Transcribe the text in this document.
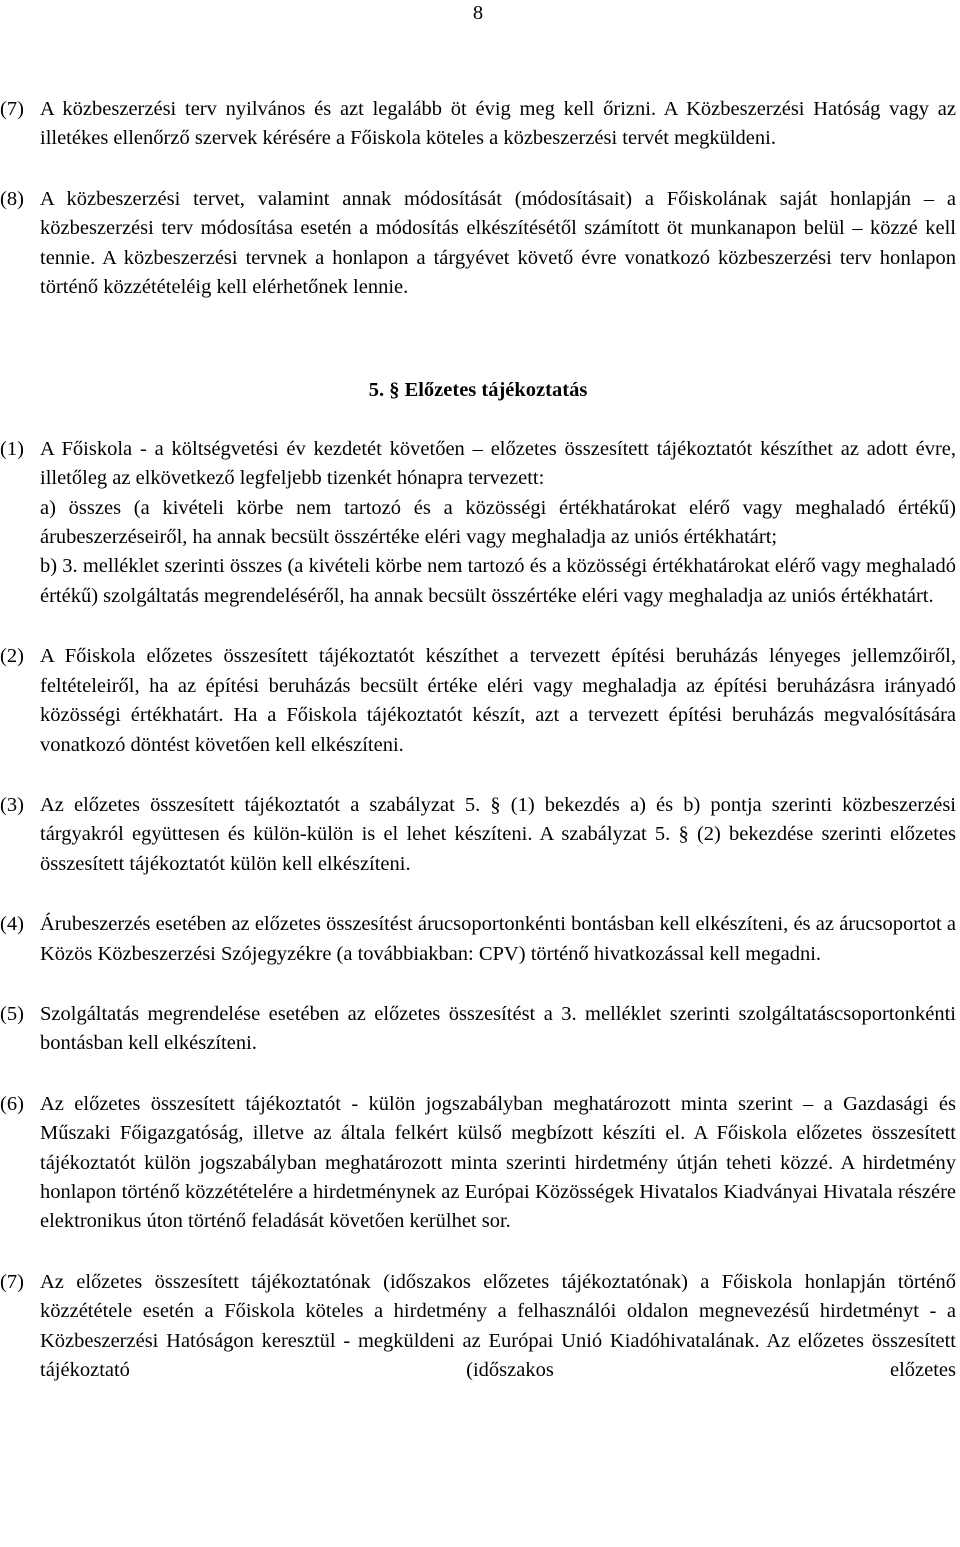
8
(7) A közbeszerzési terv nyilvános és azt legalább öt évig meg kell őrizni. A Közbeszerzési Hatóság vagy az illetékes ellenőrző szervek kérésére a Főiskola köteles a közbeszerzési tervét megküldeni.
(8) A közbeszerzési tervet, valamint annak módosítását (módosításait) a Főiskolának saját honlapján – a közbeszerzési terv módosítása esetén a módosítás elkészítésétől számított öt munkanapon belül – közzé kell tennie. A közbeszerzési tervnek a honlapon a tárgyévet követő évre vonatkozó közbeszerzési terv honlapon történő közzétételéig kell elérhetőnek lennie.
5. § Előzetes tájékoztatás
(1) A Főiskola - a költségvetési év kezdetét követően – előzetes összesített tájékoztatót készíthet az adott évre, illetőleg az elkövetkező legfeljebb tizenkét hónapra tervezett:
a) összes (a kivételi körbe nem tartozó és a közösségi értékhatárokat elérő vagy meghaladó értékű) árubeszerzéseiről, ha annak becsült összértéke eléri vagy meghaladja az uniós értékhatárt;
b) 3. melléklet szerinti összes (a kivételi körbe nem tartozó és a közösségi értékhatárokat elérő vagy meghaladó értékű) szolgáltatás megrendeléséről, ha annak becsült összértéke eléri vagy meghaladja az uniós értékhatárt.
(2) A Főiskola előzetes összesített tájékoztatót készíthet a tervezett építési beruházás lényeges jellemzőiről, feltételeiről, ha az építési beruházás becsült értéke eléri vagy meghaladja az építési beruházásra irányadó közösségi értékhatárt. Ha a Főiskola tájékoztatót készít, azt a tervezett építési beruházás megvalósítására vonatkozó döntést követően kell elkészíteni.
(3) Az előzetes összesített tájékoztatót a szabályzat 5. § (1) bekezdés a) és b) pontja szerinti közbeszerzési tárgyakról együttesen és külön-külön is el lehet készíteni. A szabályzat 5. § (2) bekezdése szerinti előzetes összesített tájékoztatót külön kell elkészíteni.
(4) Árubeszerzés esetében az előzetes összesítést árucsoportonkénti bontásban kell elkészíteni, és az árucsoportot a Közös Közbeszerzési Szójegyzékre (a továbbiakban: CPV) történő hivatkozással kell megadni.
(5) Szolgáltatás megrendelése esetében az előzetes összesítést a 3. melléklet szerinti szolgáltatáscsoportonkénti bontásban kell elkészíteni.
(6) Az előzetes összesített tájékoztatót - külön jogszabályban meghatározott minta szerint – a Gazdasági és Műszaki Főigazgatóság, illetve az általa felkért külső megbízott készíti el. A Főiskola előzetes összesített tájékoztatót külön jogszabályban meghatározott minta szerinti hirdetmény útján teheti közzé. A hirdetmény honlapon történő közzétételére a hirdetménynek az Európai Közösségek Hivatalos Kiadványai Hivatala részére elektronikus úton történő feladását követően kerülhet sor.
(7) Az előzetes összesített tájékoztatónak (időszakos előzetes tájékoztatónak) a Főiskola honlapján történő közzététele esetén a Főiskola köteles a hirdetmény a felhasználói oldalon megnevezésű hirdetményt - a Közbeszerzési Hatóságon keresztül - megküldeni az Európai Unió Kiadóhivatalának. Az előzetes összesített tájékoztató (időszakos előzetes
